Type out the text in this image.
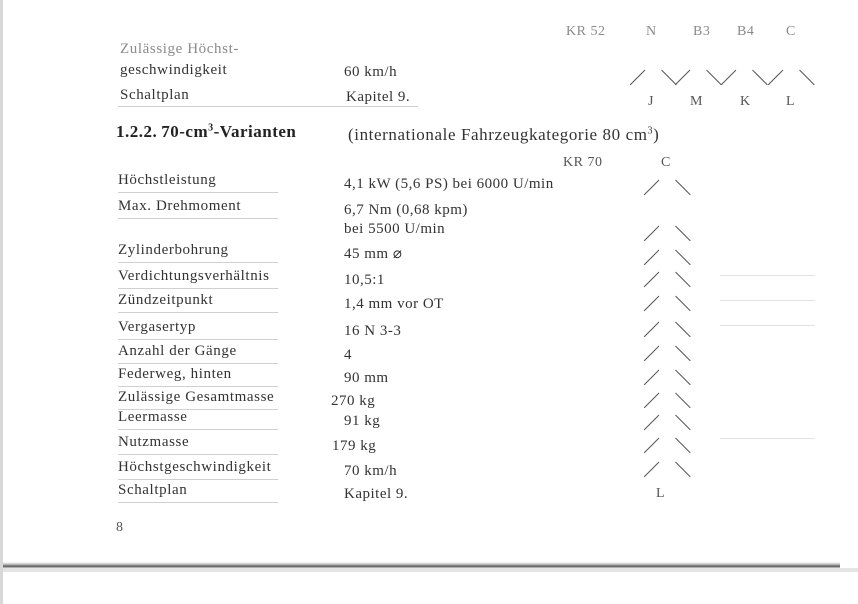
KR 52	N	B3 B4 C
Zulässige Höchst-
geschwindigkeit	60 km/h
Schaltplan	Kapitel 9.	J	M	K	L
1.2.2. $70-cm^3$-Varianten	(internationale Fahrzeugkategorie 80 $cm^3$)
KR 70	C
Höchstleistung	4,1 kW (5,6 PS) bei 6000 U/min
Max. Drehmoment	6,7 Nm (0,68 kpm)
bei 5500 U/min
Zylinderbohrung	45 mm ⌀
Verdichtungsverhältnis	10,5:1
Zündzeitpunkt	1,4 mm vor OT
Vergasertyp	16 N 3-3
Anzahl der Gänge	4
Federweg, hinten	90 mm
Zulässige Gesamtmasse	270 kg
Leermasse	91 kg
Nutzmasse	179 kg
Höchstgeschwindigkeit	70 km/h
Schaltplan	Kapitel 9.	L
8
